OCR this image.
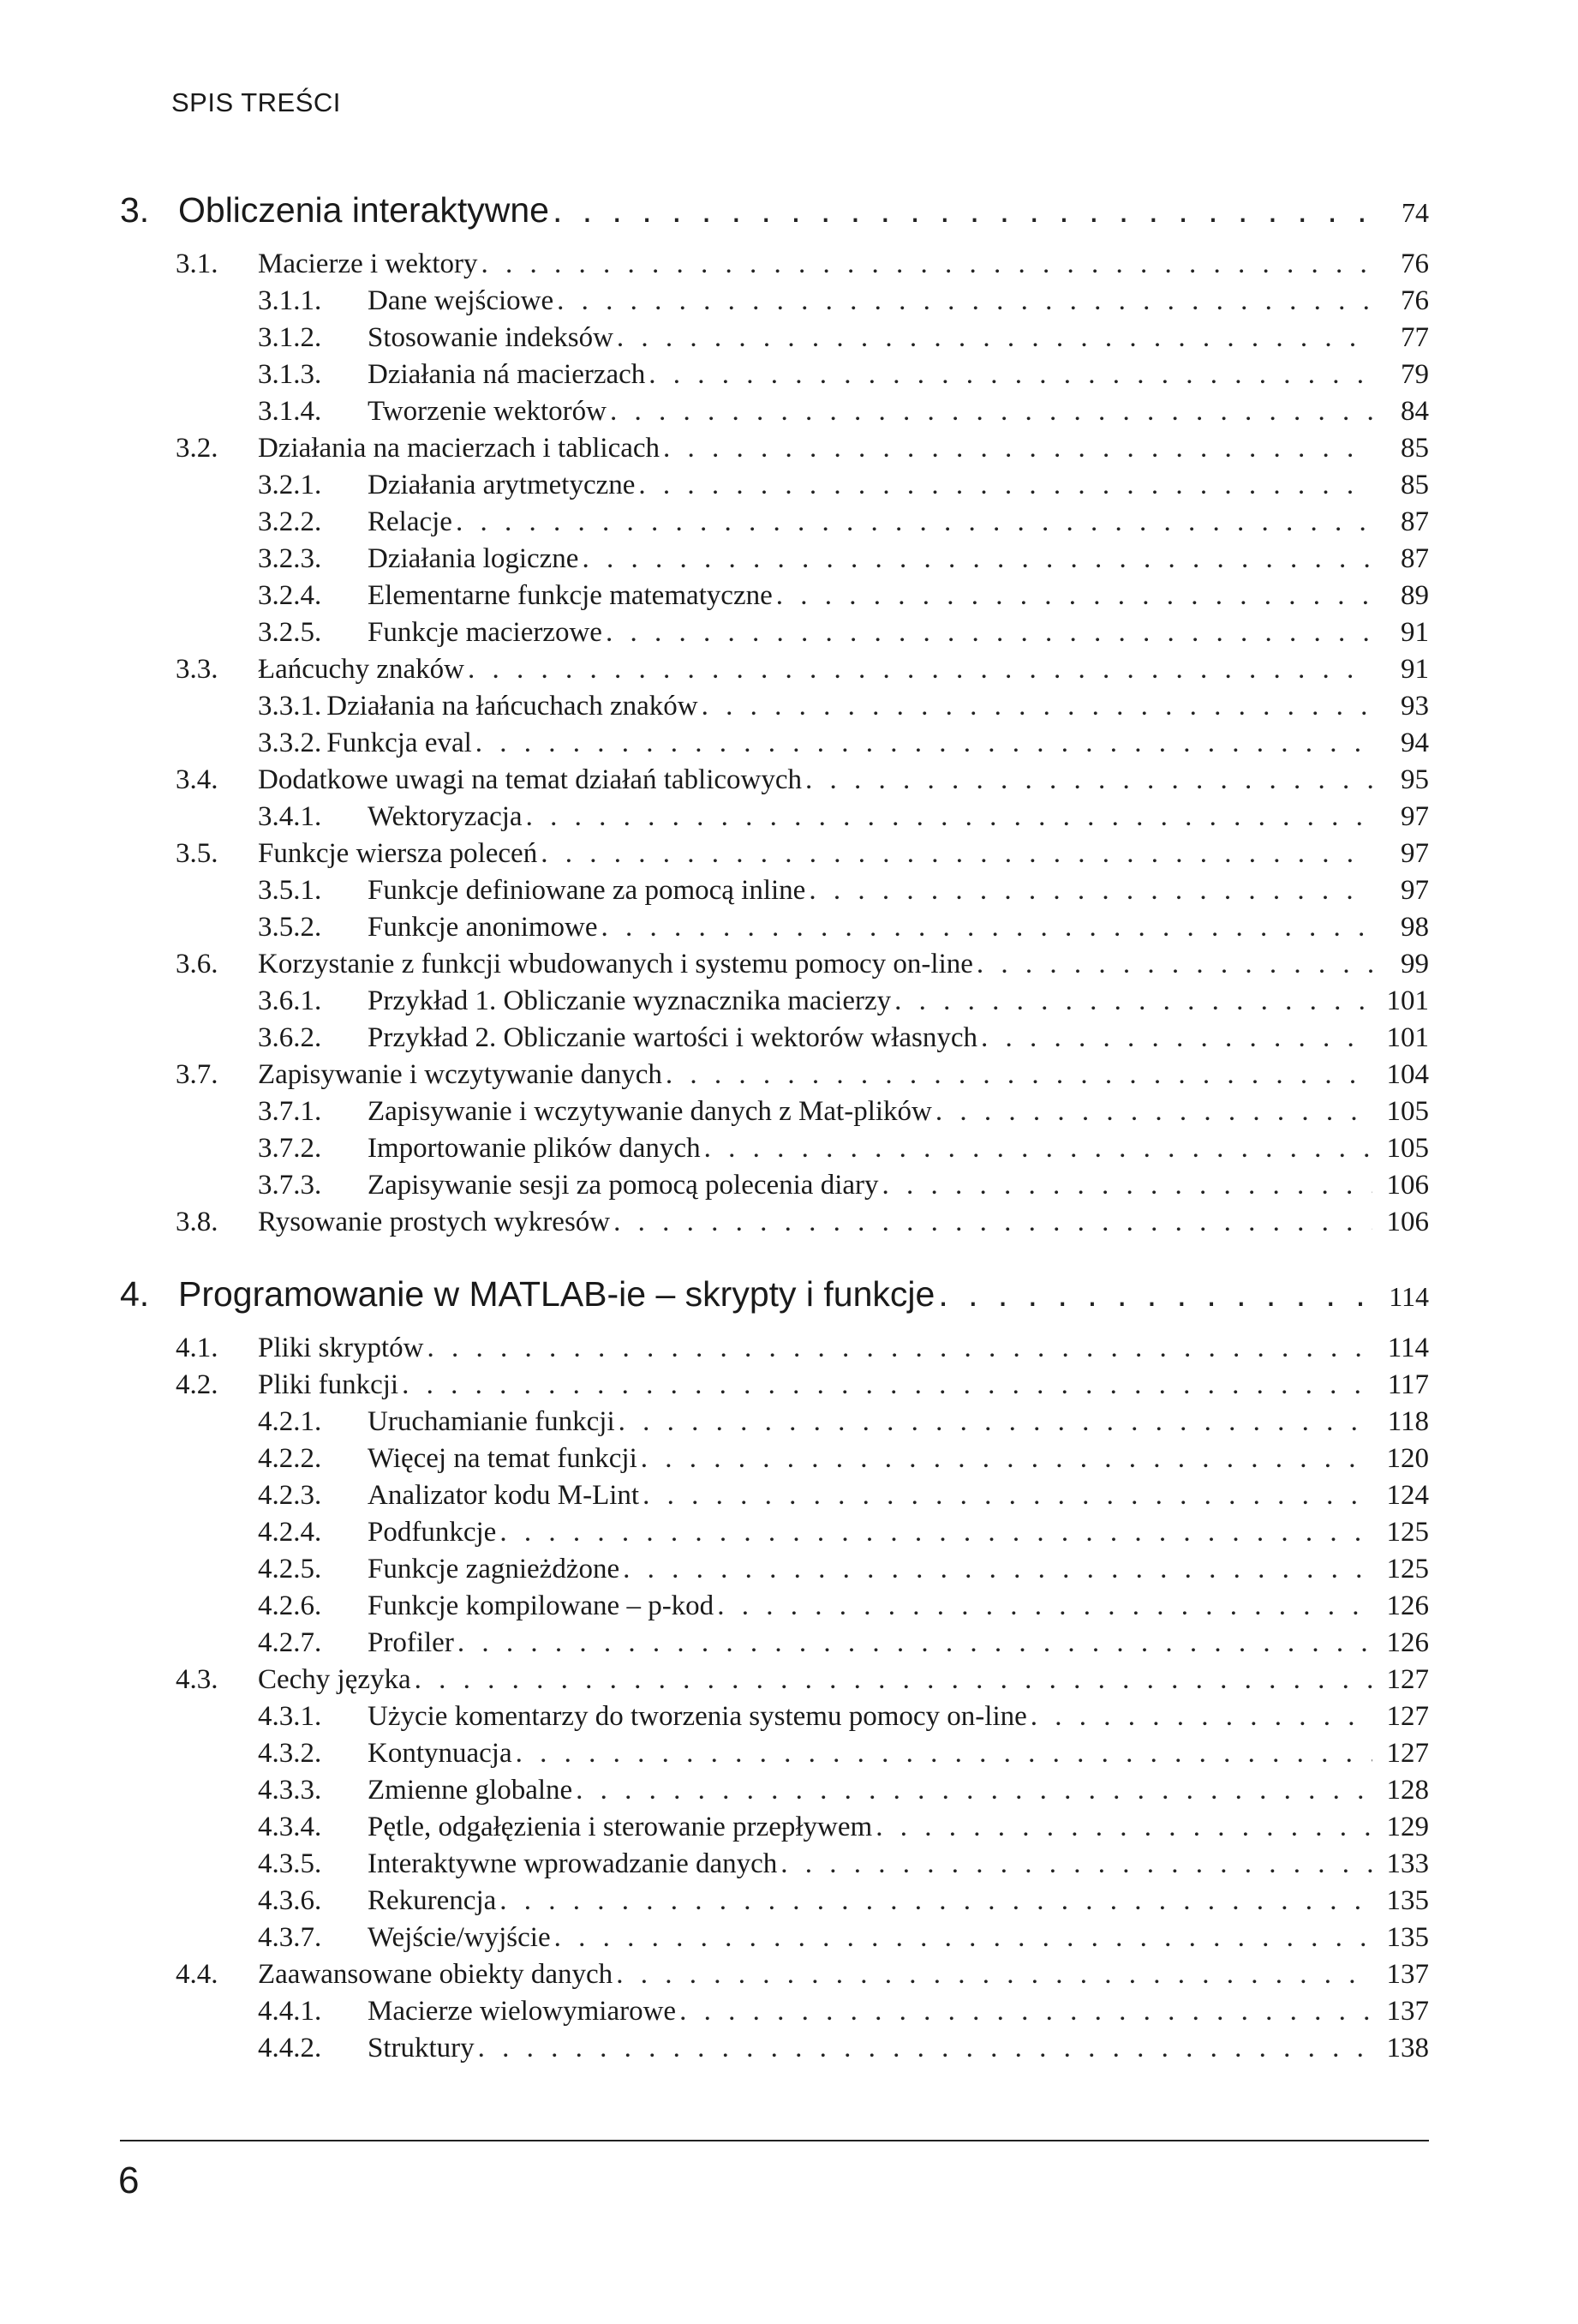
SPIS TREŚCI
3. Obliczenia interaktywne . . .	74
3.1.	Macierze i wektory . . .	76
3.1.1.	Dane wejściowe . . .	76
3.1.2.	Stosowanie indeksów . . .	77
3.1.3.	Działania ná macierzach . . .	79
3.1.4.	Tworzenie wektorów . . .	84
3.2.	Działania na macierzach i tablicach . . .	85
3.2.1.	Działania arytmetyczne . . .	85
3.2.2.	Relacje . . .	87
3.2.3.	Działania logiczne . . .	87
3.2.4.	Elementarne funkcje matematyczne . . .	89
3.2.5.	Funkcje macierzowe . . .	91
3.3.	Łańcuchy znaków . . .	91
3.3.1. Działania na łańcuchach znaków . . .	93
3.3.2. Funkcja eval . . .	94
3.4.	Dodatkowe uwagi na temat działań tablicowych . . .	95
3.4.1.	Wektoryzacja . . .	97
3.5.	Funkcje wiersza poleceń . . .	97
3.5.1.	Funkcje definiowane za pomocą inline . . .	97
3.5.2.	Funkcje anonimowe . . .	98
3.6.	Korzystanie z funkcji wbudowanych i systemu pomocy on-line . . .	99
3.6.1.	Przykład 1. Obliczanie wyznacznika macierzy . . .	101
3.6.2.	Przykład 2. Obliczanie wartości i wektorów własnych . . .	101
3.7.	Zapisywanie i wczytywanie danych . . .	104
3.7.1.	Zapisywanie i wczytywanie danych z Mat-plików . . .	105
3.7.2.	Importowanie plików danych . . .	105
3.7.3.	Zapisywanie sesji za pomocą polecenia diary . . .	106
3.8.	Rysowanie prostych wykresów . . .	106
4. Programowanie w MATLAB-ie – skrypty i funkcje . . .	114
4.1.	Pliki skryptów . . .	114
4.2.	Pliki funkcji . . .	117
4.2.1.	Uruchamianie funkcji . . .	118
4.2.2.	Więcej na temat funkcji . . .	120
4.2.3.	Analizator kodu M-Lint . . .	124
4.2.4.	Podfunkcje . . .	125
4.2.5.	Funkcje zagnieżdżone . . .	125
4.2.6.	Funkcje kompilowane – p-kod . . .	126
4.2.7.	Profiler . . .	126
4.3.	Cechy języka . . .	127
4.3.1.	Użycie komentarzy do tworzenia systemu pomocy on-line . . .	127
4.3.2.	Kontynuacja . . .	127
4.3.3.	Zmienne globalne . . .	128
4.3.4.	Pętle, odgałęzienia i sterowanie przepływem . . .	129
4.3.5.	Interaktywne wprowadzanie danych . . .	133
4.3.6.	Rekurencja . . .	135
4.3.7.	Wejście/wyjście . . .	135
4.4.	Zaawansowane obiekty danych . . .	137
4.4.1.	Macierze wielowymiarowe . . .	137
4.4.2.	Struktury . . .	138
6
